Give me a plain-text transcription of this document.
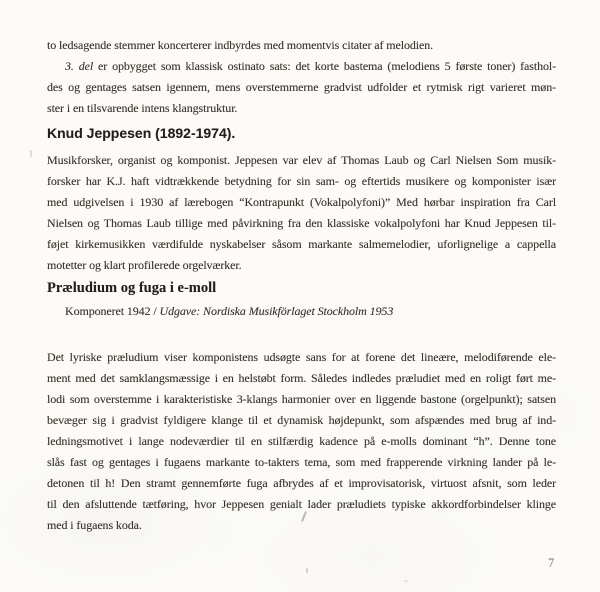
to ledsagende stemmer koncerterer indbyrdes med momentvis citater af melodien.
3. del er opbygget som klassisk ostinato sats: det korte bastema (melodiens 5 første toner) fasthol-
des og gentages satsen igennem, mens overstemmerne gradvist udfolder et rytmisk rigt varieret møn-
ster i en tilsvarende intens klangstruktur.
Knud Jeppesen (1892-1974).
Musikforsker, organist og komponist. Jeppesen var elev af Thomas Laub og Carl Nielsen Som musik-
forsker har K.J. haft vidtrækkende betydning for sin sam- og eftertids musikere og komponister især
med udgivelsen i 1930 af lærebogen “Kontrapunkt (Vokalpolyfoni)” Med hørbar inspiration fra Carl
Nielsen og Thomas Laub tillige med påvirkning fra den klassiske vokalpolyfoni har Knud Jeppesen til-
føjet kirkemusikken værdifulde nyskabelser såsom markante salmemelodier, uforlignelige a cappella
motetter og klart profilerede orgelværker.
Præludium og fuga i e-moll
Komponeret 1942 / Udgave: Nordiska Musikförlaget Stockholm 1953
Det lyriske præludium viser komponistens udsøgte sans for at forene det lineære, melodiførende ele-
ment med det samklangsmæssige i en helstøbt form. Således indledes præludiet med en roligt ført me-
lodi som overstemme i karakteristiske 3-klangs harmonier over en liggende bastone (orgelpunkt); satsen
bevæger sig i gradvist fyldigere klange til et dynamisk højdepunkt, som afspændes med brug af ind-
ledningsmotivet i lange nodeværdier til en stilfærdig kadence på e-molls dominant “h”. Denne tone
slås fast og gentages i fugaens markante to-takters tema, som med frapperende virkning lander på le-
detonen til h! Den stramt gennemførte fuga afbrydes af et improvisatorisk, virtuost afsnit, som leder
til den afsluttende tætføring, hvor Jeppesen genialt lader præludiets typiske akkordforbindelser klinge
med i fugaens koda.
7
